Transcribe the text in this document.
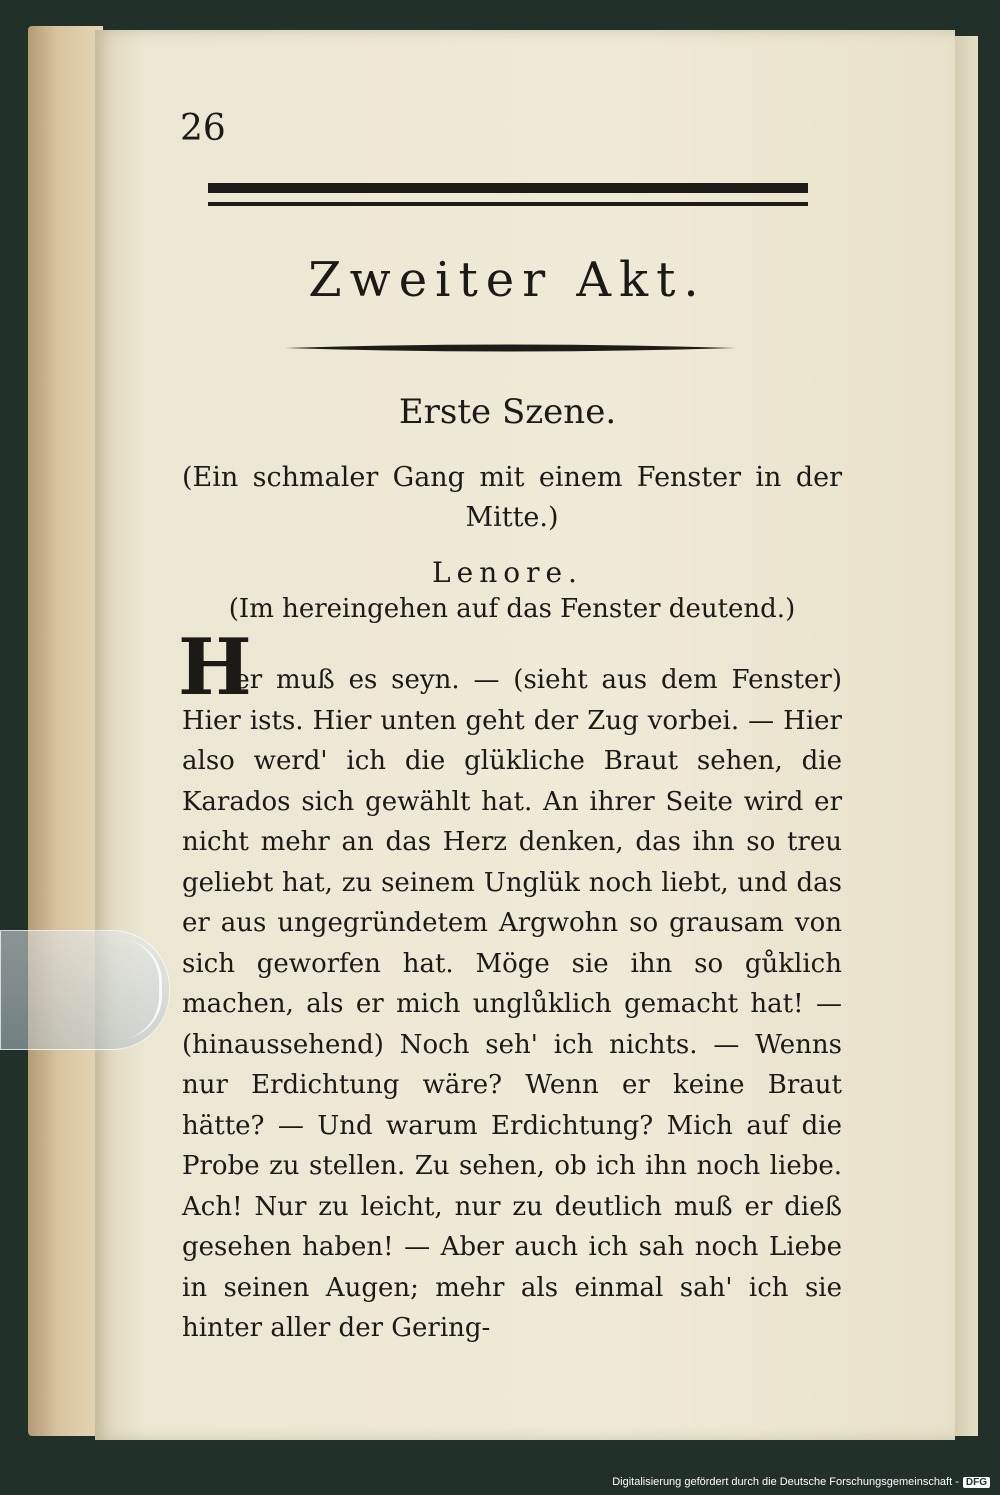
26
Zweiter Akt.
Erste Szene.
(Ein schmaler Gang mit einem Fenster in der Mitte.)
Lenore.
(Im hereingehen auf das Fenster deutend.)
H
ier muß es seyn. — (sieht aus dem Fenster) Hier ists. Hier unten geht der Zug vorbei. — Hier also werd' ich die glükliche Braut sehen, die Karados sich gewählt hat. An ihrer Seite wird er nicht mehr an das Herz denken, das ihn so treu geliebt hat, zu seinem Unglük noch liebt, und das er aus ungegründetem Argwohn so grausam von sich geworfen hat. Möge sie ihn so gůklich machen, als er mich unglůklich gemacht hat! — (hinaussehend) Noch seh' ich nichts. — Wenns nur Erdichtung wäre? Wenn er keine Braut hätte? — Und warum Erdichtung? Mich auf die Probe zu stellen. Zu sehen, ob ich ihn noch liebe. Ach! Nur zu leicht, nur zu deutlich muß er dieß gesehen haben! — Aber auch ich sah noch Liebe in seinen Augen; mehr als einmal sah' ich sie hinter aller der Gering-
Digitalisierung gefördert durch die Deutsche Forschungsgemeinschaft - DFG
